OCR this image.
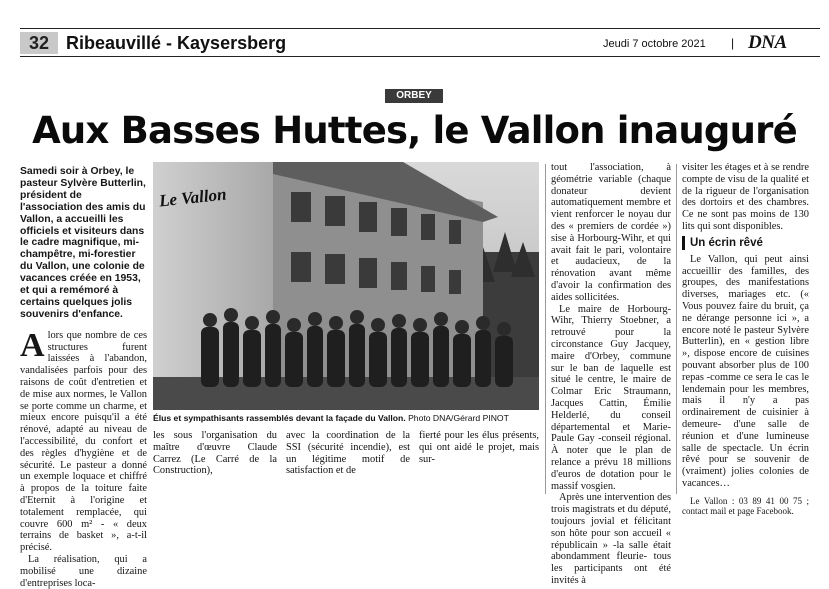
32 Ribeauvillé - Kaysersberg	Jeudi 7 octobre 2021 | DNA
ORBEY
Aux Basses Huttes, le Vallon inauguré

Samedi soir à Orbey, le pasteur Sylvère Butterlin, président de l'association des amis du Vallon, a accueilli les officiels et visiteurs dans le cadre magnifique, mi-champêtre, mi-forestier du Vallon, une colonie de vacances créée en 1953, et qui a remémoré à certains quelques jolis souvenirs d'enfance.

Alors que nombre de ces structures furent laissées à l'abandon, vandalisées parfois pour des raisons de coût d'entretien et de mise aux normes, le Vallon se porte comme un charme, et mieux encore puisqu'il a été rénové, adapté au niveau de l'accessibilité, du confort et des règles d'hygiène et de sécurité. Le pasteur a donné un exemple loquace et chiffré à propos de la toiture faite d'Eternit à l'origine et totalement remplacée, qui couvre 600 m² - « deux terrains de basket », a-t-il précisé.

La réalisation, qui a mobilisé une dizaine d'entreprises loca-

Le Vallon
Élus et sympathisants rassemblés devant la façade du Vallon. Photo DNA/Gérard PINOT
les sous l'organisation du maître d'œuvre Claude Carrez (Le Carré de la Construction),
avec la coordination de la SSI (sécurité incendie), est un légitime motif de satisfaction et de
fierté pour les élus présents, qui ont aidé le projet, mais sur-

tout l'association, à géométrie variable (chaque donateur devient automatiquement membre et vient renforcer le noyau dur des « premiers de cordée ») sise à Horbourg-Wihr, et qui avait fait le pari, volontaire et audacieux, de la rénovation avant même d'avoir la confirmation des aides sollicitées.

Le maire de Horbourg-Wihr, Thierry Stoebner, a retrouvé pour la circonstance Guy Jacquey, maire d'Orbey, commune sur le ban de laquelle est situé le centre, le maire de Colmar Eric Straumann, Jacques Cattin, Émilie Helderlé, du conseil départemental et Marie-Paule Gay -conseil régional. À noter que le plan de relance a prévu 18 millions d'euros de dotation pour le massif vosgien.

Après une intervention des trois magistrats et du député, toujours jovial et félicitant son hôte pour son accueil « républicain » -la salle était abondamment fleurie- tous les participants ont été invités à

visiter les étages et à se rendre compte de visu de la qualité et de la rigueur de l'organisation des dortoirs et des chambres. Ce ne sont pas moins de 130 lits qui sont disponibles.

Un écrin rêvé

Le Vallon, qui peut ainsi accueillir des familles, des groupes, des manifestations diverses, mariages etc. (« Vous pouvez faire du bruit, ça ne dérange personne ici », a encore noté le pasteur Sylvère Butterlin), en « gestion libre », dispose encore de cuisines pouvant absorber plus de 100 repas -comme ce sera le cas le lendemain pour les membres, mais il n'y a pas ordinairement de cuisinier à demeure- d'une salle de réunion et d'une lumineuse salle de spectacle. Un écrin rêvé pour se souvenir de (vraiment) jolies colonies de vacances…

Le Vallon : 03 89 41 00 75 ; contact mail et page Facebook.
